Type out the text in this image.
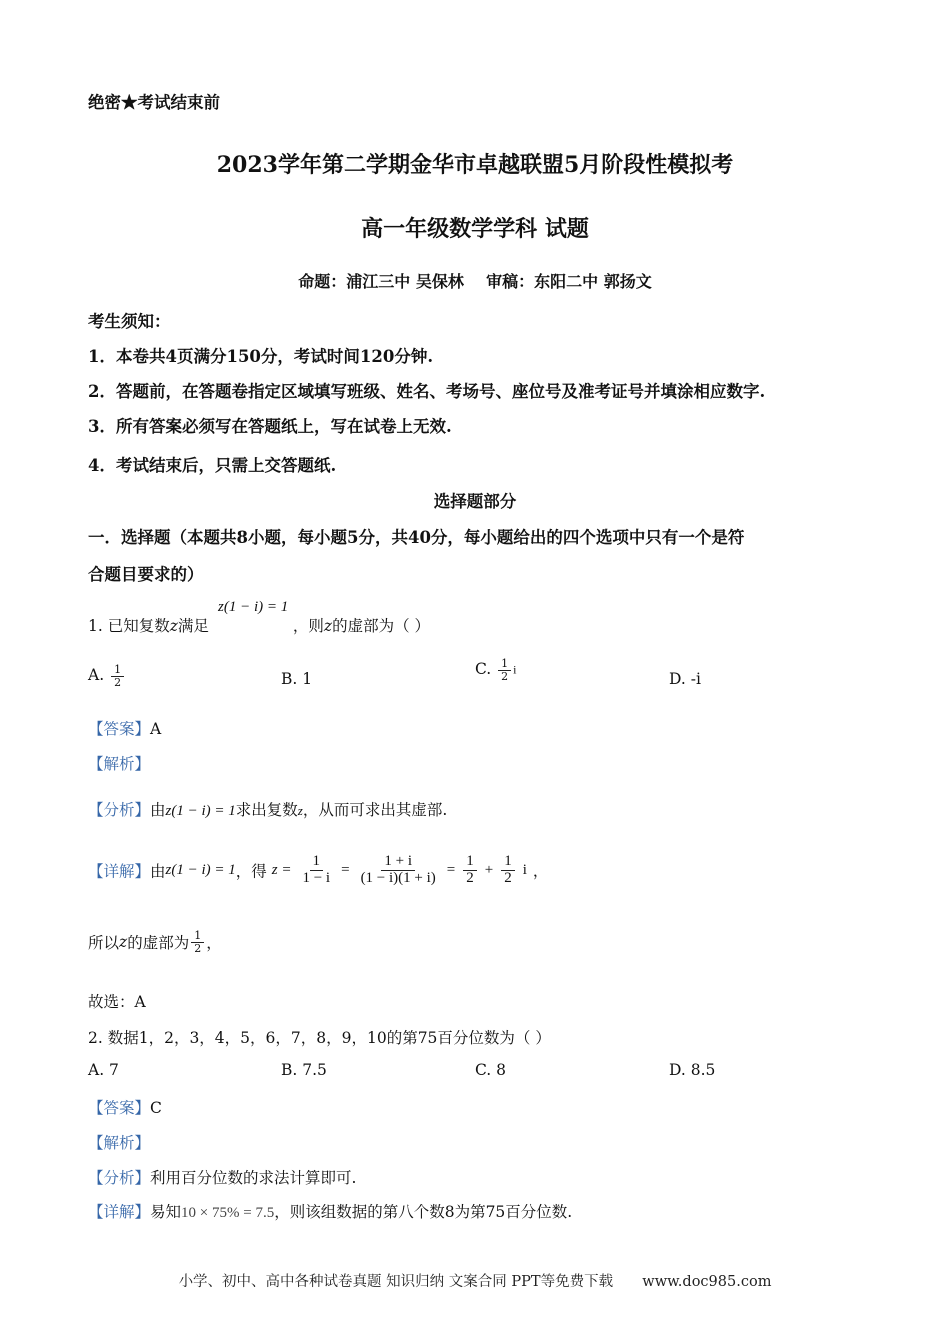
绝密★考试结束前
2023学年第二学期金华市卓越联盟5月阶段性模拟考
高一年级数学学科 试题
命题：浦江三中 吴保林    审稿：东阳二中 郭扬文
考生须知：
1．本卷共4页满分150分，考试时间120分钟.
2．答题前，在答题卷指定区域填写班级、姓名、考场号、座位号及准考证号并填涂相应数字.
3．所有答案必须写在答题纸上，写在试卷上无效.
4．考试结束后，只需上交答题纸.
选择题部分
一．选择题（本题共8小题，每小题5分，共40分，每小题给出的四个选项中只有一个是符
合题目要求的）
z(1 − i) = 1
1. 已知复数z满足	，则z的虚部为（ ）
A. $\frac{1}{2}$	B. 1
C. $\frac{1}{2}$ i
D. -i
【答案】A
【解析】
【分析】由z(1 − i) = 1求出复数z，从而可求出其虚部.
【详解】由z(1 − i) = 1，得 $z = \frac{1}{1 - i} = \frac{1 + i}{(1 - i)(1 + i)} = \frac{1}{2} + \frac{1}{2}$ i ，
所以z的虚部为 $\frac{1}{2}$ ，
故选：A
2. 数据1，2，3，4，5，6，7，8，9，10的第75百分位数为（ ）
A. 7	B. 7.5	C. 8	D. 8.5
【答案】C
【解析】
【分析】利用百分位数的求法计算即可.
【详解】易知10 × 75% = 7.5，则该组数据的第八个数8为第75百分位数.
小学、初中、高中各种试卷真题 知识归纳 文案合同 PPT等免费下载 www.doc985.com
